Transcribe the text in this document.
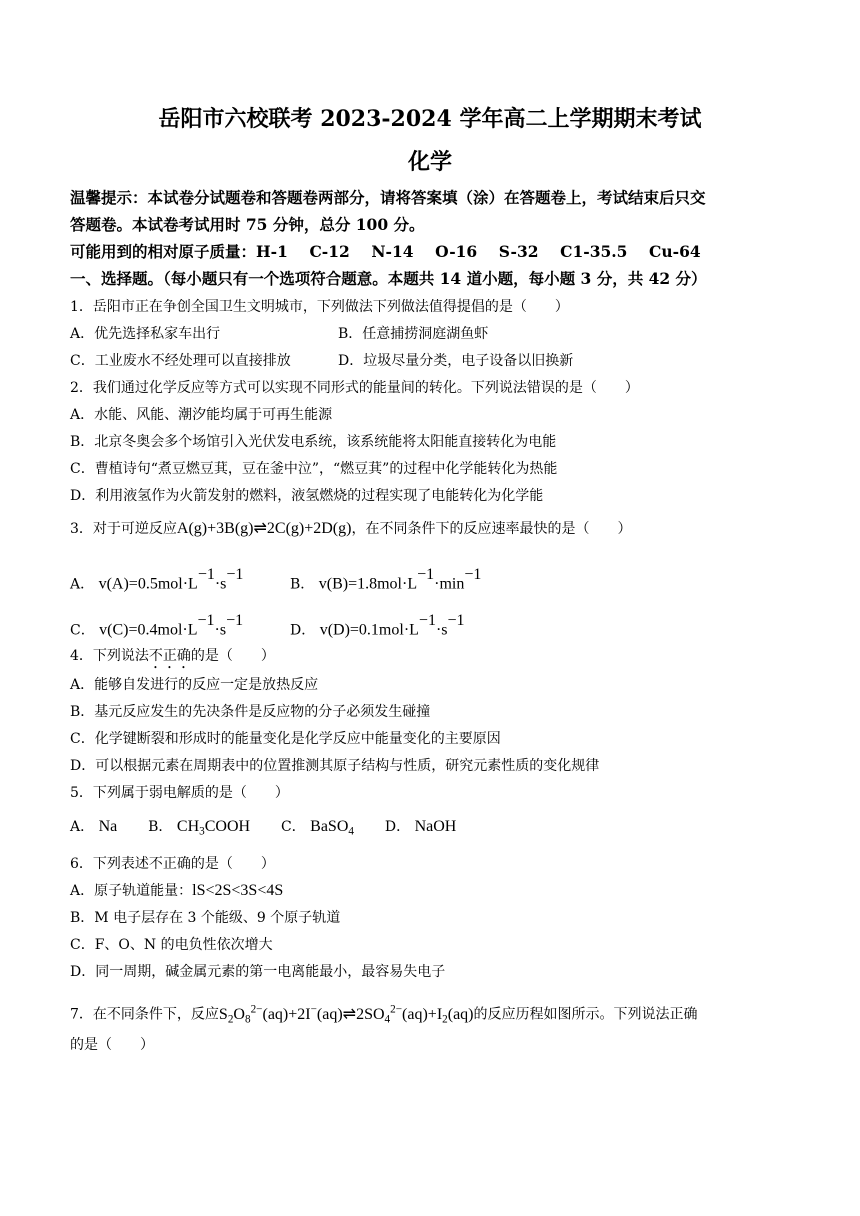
岳阳市六校联考 2023-2024 学年高二上学期期末考试
化学
温馨提示：本试卷分试题卷和答题卷两部分，请将答案填（涂）在答题卷上，考试结束后只交
答题卷。本试卷考试用时 75 分钟，总分 100 分。
可能用到的相对原子质量：H-1    C-12    N-14    O-16    S-32    C1-35.5    Cu-64
一、选择题。（每小题只有一个选项符合题意。本题共 14 道小题，每小题 3 分，共 42 分）
1．岳阳市正在争创全国卫生文明城市，下列做法下列做法值得提倡的是（　　）
A．优先选择私家车出行	B．任意捕捞洞庭湖鱼虾
C．工业废水不经处理可以直接排放	D．垃圾尽量分类，电子设备以旧换新
2．我们通过化学反应等方式可以实现不同形式的能量间的转化。下列说法错误的是（　　）
A．水能、风能、潮汐能均属于可再生能源
B．北京冬奥会多个场馆引入光伏发电系统，该系统能将太阳能直接转化为电能
C．曹植诗句“煮豆燃豆萁，豆在釜中泣”，“燃豆萁”的过程中化学能转化为热能
D．利用液氢作为火箭发射的燃料，液氢燃烧的过程实现了电能转化为化学能
3．对于可逆反应A(g)+3B(g)⇌2C(g)+2D(g)，在不同条件下的反应速率最快的是（　　）
A． v(A)=0.5mol·L−1·s−1
B． v(B)=1.8mol·L−1·min−1
C． v(C)=0.4mol·L−1·s−1
D． v(D)=0.1mol·L−1·s−1
4．下列说法不正确的是（　　）
A．能够自发进行的反应一定是放热反应
B．基元反应发生的先决条件是反应物的分子必须发生碰撞
C．化学键断裂和形成时的能量变化是化学反应中能量变化的主要原因
D．可以根据元素在周期表中的位置推测其原子结构与性质，研究元素性质的变化规律
5．下列属于弱电解质的是（　　）
A． Na B． $CH_3COOH$ C． BaSO$_4$ D． NaOH
6．下列表述不正确的是（　　）
A．原子轨道能量：lS<2S<3S<4S
B．M 电子层存在 3 个能级、9 个原子轨道
C．F、O、N 的电负性依次增大
D．同一周期，碱金属元素的第一电离能最小，最容易失电子
7．在不同条件下，反应$S_2O_8^{2-}(aq)+2I^-(aq)\rightleftharpoons 2SO_4^{2-}(aq)+I_2(aq)$的反应历程如图所示。下列说法正确
的是（　　）
